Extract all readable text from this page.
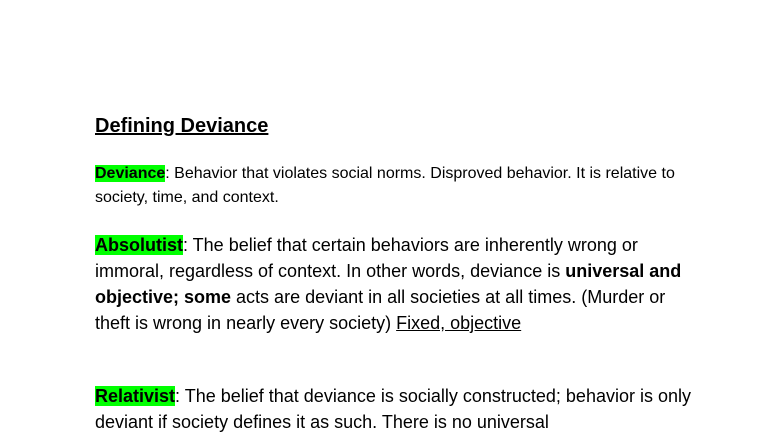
Defining Deviance

Deviance: Behavior that violates social norms. Disproved behavior. It is relative to society, time, and context.

Absolutist: The belief that certain behaviors are inherently wrong or immoral, regardless of context. In other words, deviance is universal and objective; some acts are deviant in all societies at all times. (Murder or theft is wrong in nearly every society) Fixed, objective

Relativist: The belief that deviance is socially constructed; behavior is only deviant if society defines it as such. There is no universal
